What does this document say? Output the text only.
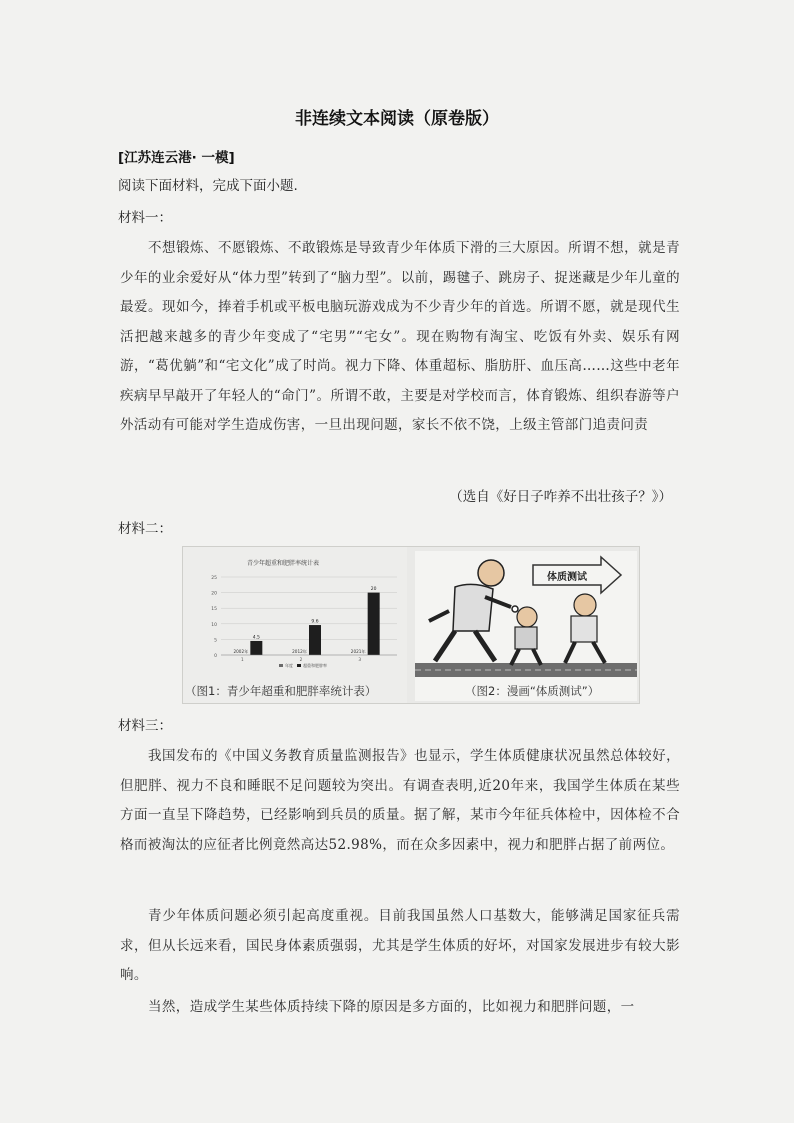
非连续文本阅读（原卷版）
[江苏连云港· 一模]
阅读下面材料，完成下面小题.
材料一：
不想锻炼、不愿锻炼、不敢锻炼是导致青少年体质下滑的三大原因。所谓不想，就是青少年的业余爱好从“体力型”转到了“脑力型”。以前，踢毽子、跳房子、捉迷藏是少年儿童的最爱。现如今，捧着手机或平板电脑玩游戏成为不少青少年的首选。所谓不愿，就是现代生活把越来越多的青少年变成了“宅男”“宅女”。现在购物有淘宝、吃饭有外卖、娱乐有网游，“葛优躺”和“宅文化”成了时尚。视力下降、体重超标、脂肪肝、血压高……这些中老年疾病早早敲开了年轻人的“命门”。所谓不敢，主要是对学校而言，体育锻炼、组织春游等户外活动有可能对学生造成伤害，一旦出现问题，家长不依不饶，上级主管部门追责问责
（选自《好日子咋养不出壮孩子？》）
材料二：
青少年超重和肥胖率统计表
0
5
10
15
20
25
4.5
2002年
1
9.6
2012年
2
20
2021年
3
年度	超重和肥胖率
（图1：青少年超重和肥胖率统计表）
体质测试
（图2：漫画“体质测试”）
材料三：
我国发布的《中国义务教育质量监测报告》也显示，学生体质健康状况虽然总体较好，但肥胖、视力不良和睡眠不足问题较为突出。有调查表明,近20年来，我国学生体质在某些方面一直呈下降趋势，已经影响到兵员的质量。据了解，某市今年征兵体检中，因体检不合格而被淘汰的应征者比例竟然高达52.98%，而在众多因素中，视力和肥胖占据了前两位。
青少年体质问题必须引起高度重视。目前我国虽然人口基数大，能够满足国家征兵需求，但从长远来看，国民身体素质强弱，尤其是学生体质的好坏，对国家发展进步有较大影响。
当然，造成学生某些体质持续下降的原因是多方面的，比如视力和肥胖问题，一
